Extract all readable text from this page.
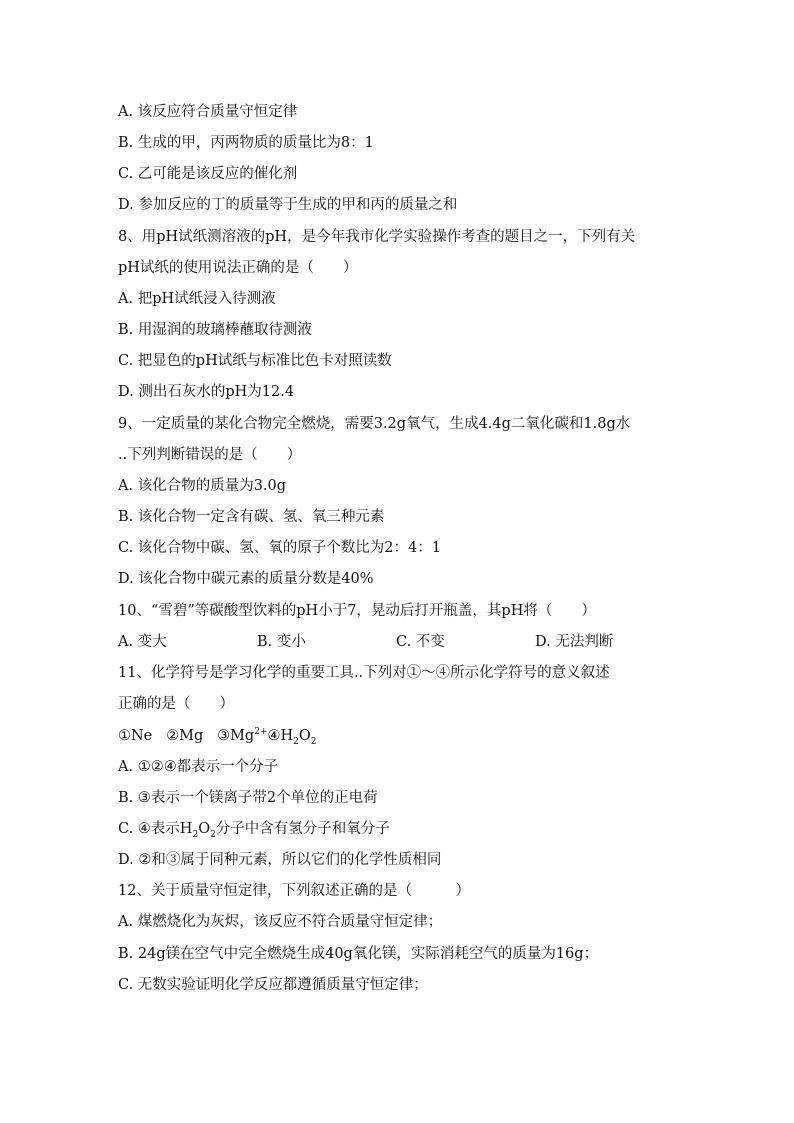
A. 该反应符合质量守恒定律
B. 生成的甲，丙两物质的质量比为8：1
C. 乙可能是该反应的催化剂
D. 参加反应的丁的质量等于生成的甲和丙的质量之和
8、用pH试纸测溶液的pH，是今年我市化学实验操作考查的题目之一，下列有关
pH试纸的使用说法正确的是（　　）
A. 把pH试纸浸入待测液
B. 用湿润的玻璃棒蘸取待测液
C. 把显色的pH试纸与标准比色卡对照读数
D. 测出石灰水的pH为12.4
9、一定质量的某化合物完全燃烧，需要3.2g氧气，生成4.4g二氧化碳和1.8g水
..下列判断错误的是（　　）
A. 该化合物的质量为3.0g
B. 该化合物一定含有碳、氢、氧三种元素
C. 该化合物中碳、氢、氧的原子个数比为2：4：1
D. 该化合物中碳元素的质量分数是40%
10、“雪碧”等碳酸型饮料的pH小于7，晃动后打开瓶盖，其pH将（　　）
A. 变大	B. 变小	C. 不变	D. 无法判断
11、化学符号是学习化学的重要工具..下列对①～④所示化学符号的意义叙述
正确的是（　　）
①Ne ②Mg $③Mg^{2+}④H_2O_2$
A. ①②④都表示一个分子
B. ③表示一个镁离子带2个单位的正电荷
C. ④表示$H_2O_2$分子中含有氢分子和氧分子
D. ②和③属于同种元素，所以它们的化学性质相同
12、关于质量守恒定律，下列叙述正确的是（　　　）
A. 煤燃烧化为灰烬，该反应不符合质量守恒定律；
B. 24g镁在空气中完全燃烧生成40g氧化镁，实际消耗空气的质量为16g；
C. 无数实验证明化学反应都遵循质量守恒定律；
